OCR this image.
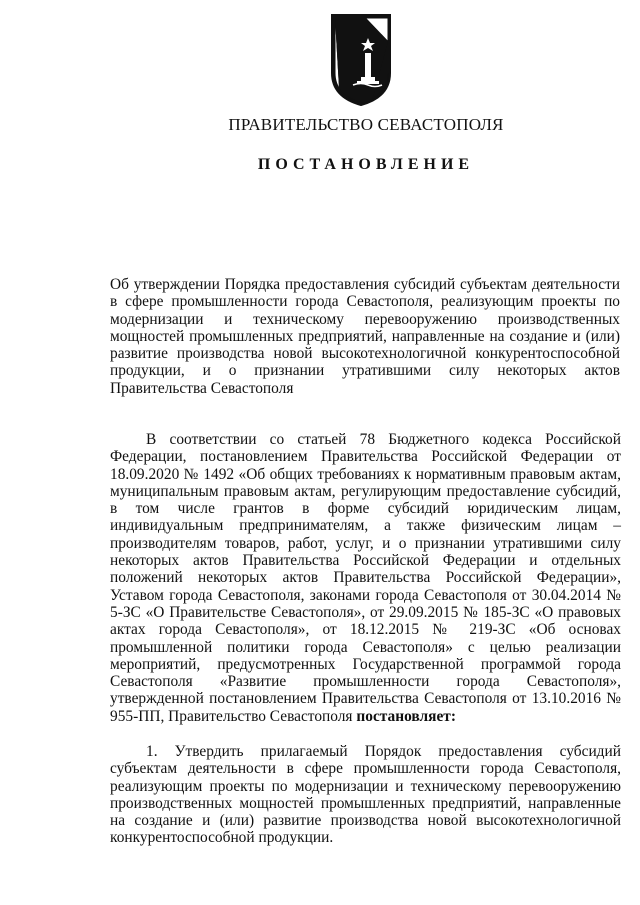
ПРАВИТЕЛЬСТВО СЕВАСТОПОЛЯ
ПОСТАНОВЛЕНИЕ
Об утверждении Порядка предоставления субсидий субъектам деятельности в сфере промышленности города Севастополя, реализующим проекты по модернизации и техническому перевооружению производственных мощностей промышленных предприятий, направленные на создание и (или) развитие производства новой высокотехнологичной конкурентоспособной продукции, и о признании утратившими силу некоторых актов Правительства Севастополя
В соответствии со статьей 78 Бюджетного кодекса Российской Федерации, постановлением Правительства Российской Федерации от 18.09.2020 № 1492 «Об общих требованиях к нормативным правовым актам, муниципальным правовым актам, регулирующим предоставление субсидий, в том числе грантов в форме субсидий юридическим лицам, индивидуальным предпринимателям, а также физическим лицам – производителям товаров, работ, услуг, и о признании утратившими силу некоторых актов Правительства Российской Федерации и отдельных положений некоторых актов Правительства Российской Федерации», Уставом города Севастополя, законами города Севастополя от 30.04.2014 № 5-ЗС «О Правительстве Севастополя», от 29.09.2015 № 185-ЗС «О правовых актах города Севастополя», от 18.12.2015 № 219-ЗС «Об основах промышленной политики города Севастополя» с целью реализации мероприятий, предусмотренных Государственной программой города Севастополя «Развитие промышленности города Севастополя», утвержденной постановлением Правительства Севастополя от 13.10.2016 № 955-ПП, Правительство Севастополя постановляет:
1. Утвердить прилагаемый Порядок предоставления субсидий субъектам деятельности в сфере промышленности города Севастополя, реализующим проекты по модернизации и техническому перевооружению производственных мощностей промышленных предприятий, направленные на создание и (или) развитие производства новой высокотехнологичной конкурентоспособной продукции.
